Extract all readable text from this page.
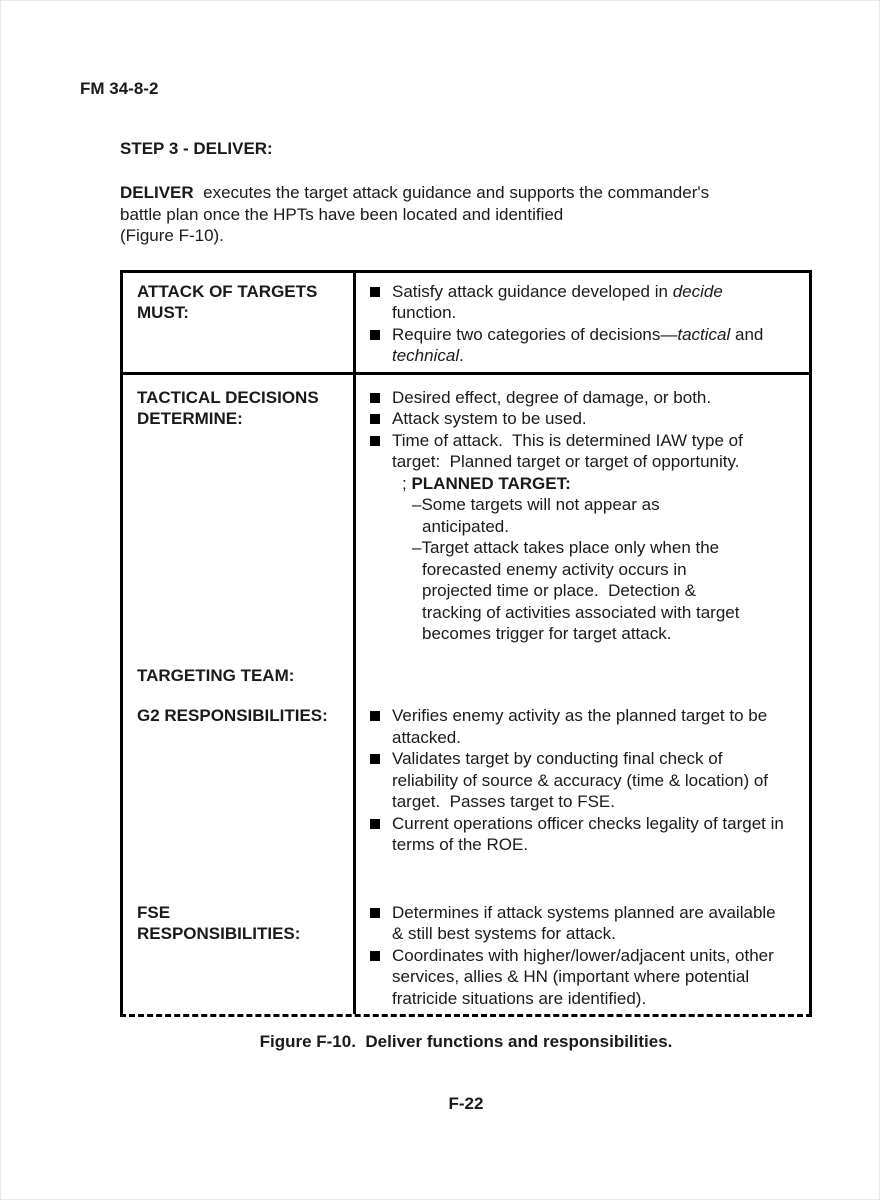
FM 34-8-2
STEP 3 - DELIVER:
DELIVER  executes the target attack guidance and supports the commander's
battle plan once the HPTs have been located and identified
(Figure F-10).
ATTACK OF TARGETS
MUST:
Satisfy attack guidance developed in decide function.
Require two categories of decisions—tactical and technical.
TACTICAL DECISIONS
DETERMINE:
Desired effect, degree of damage, or both.
Attack system to be used.
Time of attack.  This is determined IAW type of target:  Planned target or target of opportunity.
; PLANNED TARGET:
–Some targets will not appear as anticipated.
–Target attack takes place only when the forecasted enemy activity occurs in projected time or place.  Detection & tracking of activities associated with target becomes trigger for target attack.
TARGETING TEAM:
G2 RESPONSIBILITIES:	Verifies enemy activity as the planned target to be attacked.
Validates target by conducting final check of reliability of source & accuracy (time & location) of target.  Passes target to FSE.
Current operations officer checks legality of target in terms of the ROE.
FSE
RESPONSIBILITIES:
Determines if attack systems planned are available & still best systems for attack.
Coordinates with higher/lower/adjacent units, other services, allies & HN (important where potential fratricide situations are identified).
Figure F-10.  Deliver functions and responsibilities.
F-22
